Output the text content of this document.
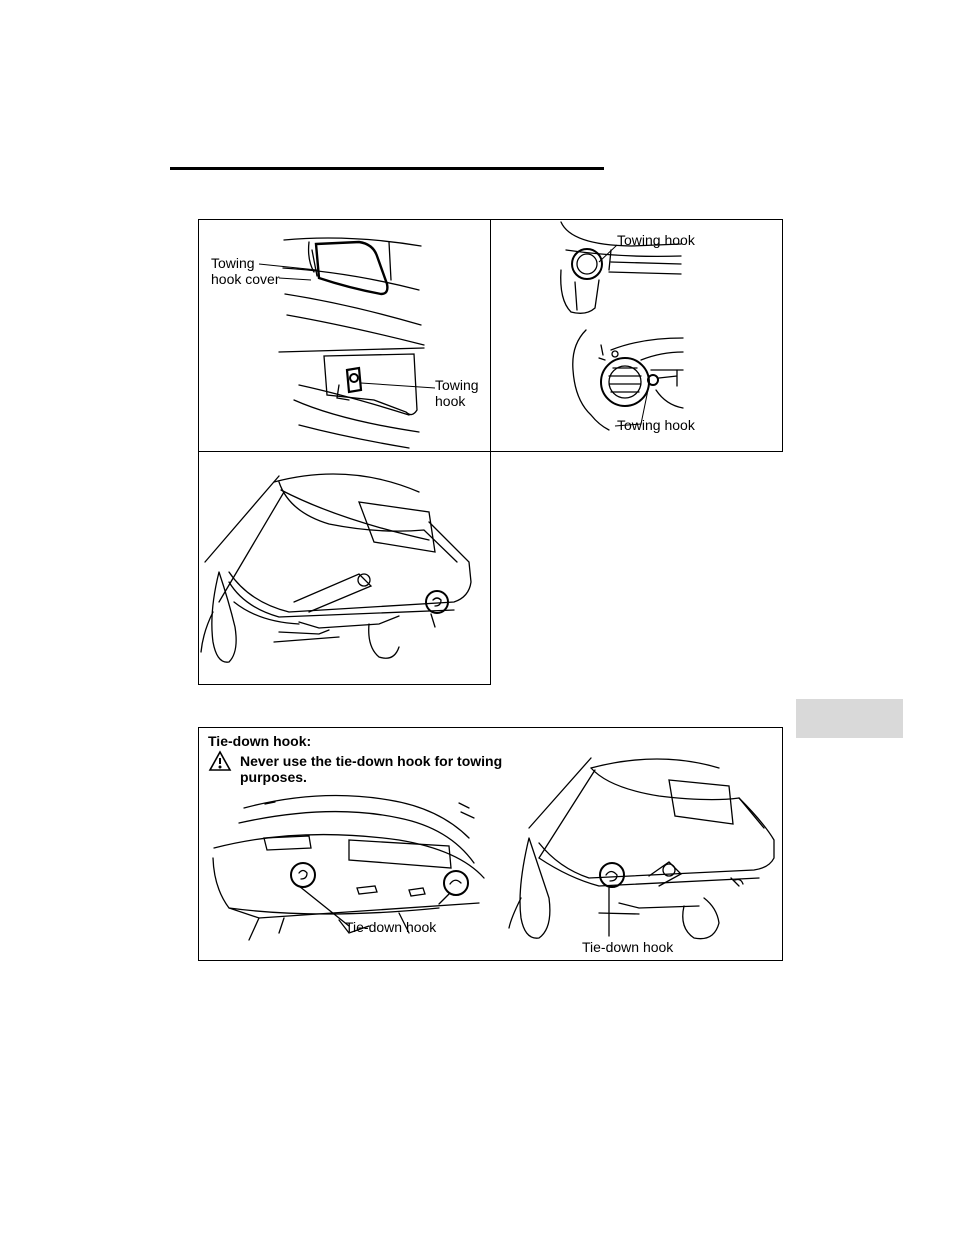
Towing
hook cover
Towing
hook
Towing hook
Towing hook
Tie-down hook:
Never use the tie-down hook for towing
purposes.
Tie-down hook
Tie-down hook
